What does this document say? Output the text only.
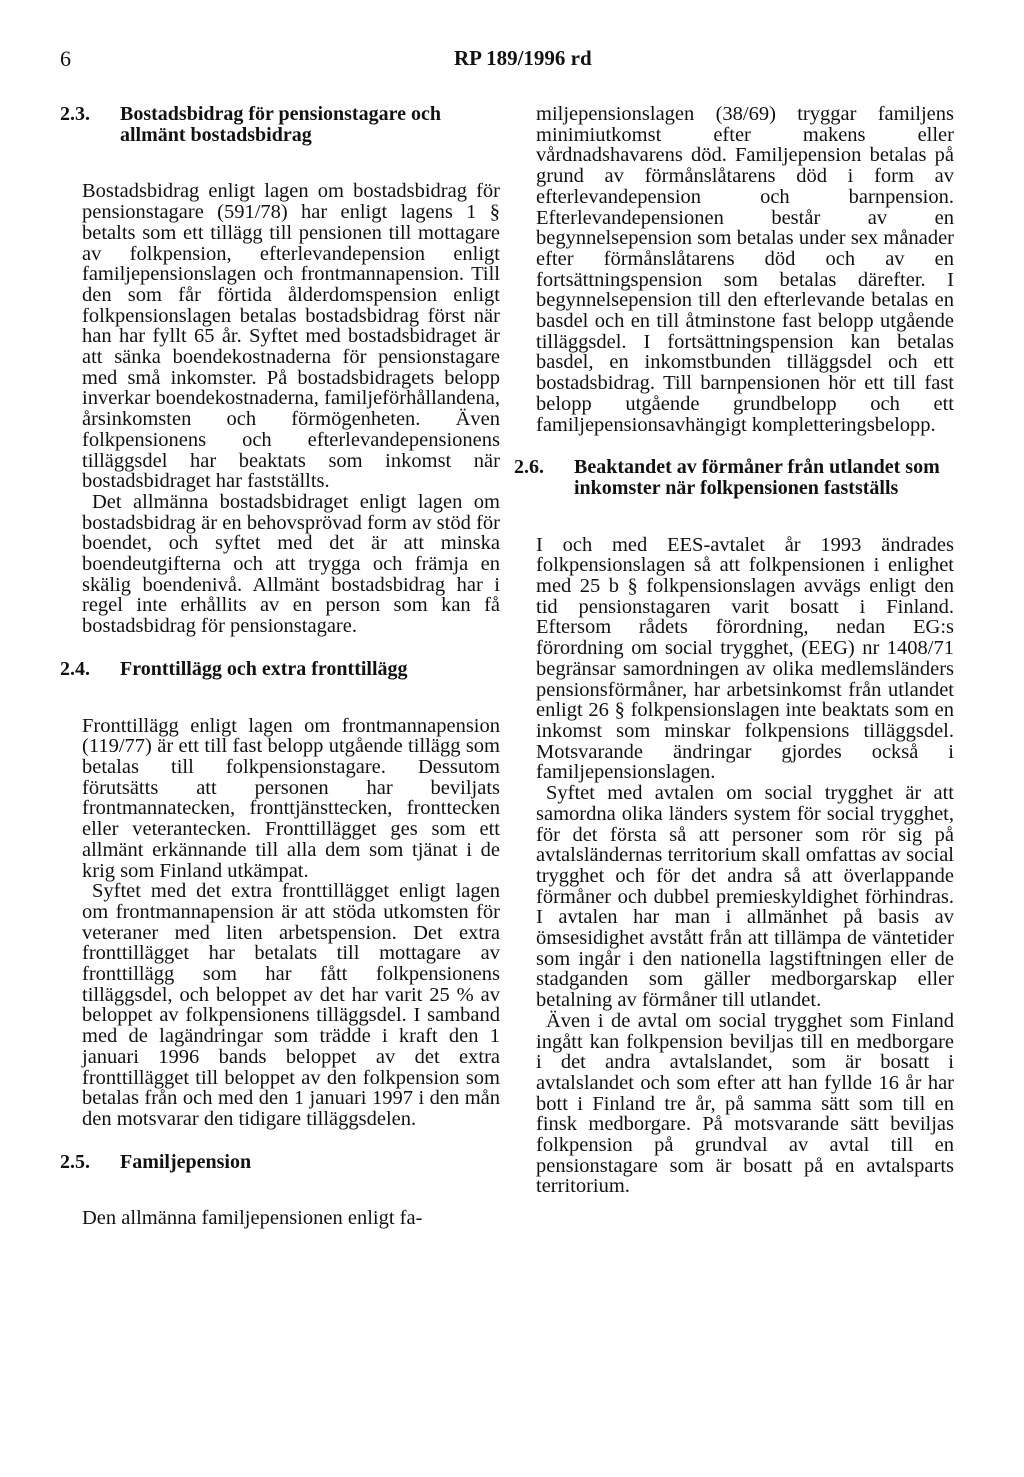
6	RP 189/1996 rd
2.3.	Bostadsbidrag för pensionstagare och allmänt bostadsbidrag

Bostadsbidrag enligt lagen om bostadsbidrag för pensionstagare (591/78) har enligt lagens 1 § betalts som ett tillägg till pensionen till mottagare av folkpension, efterlevandepension enligt familjepensionslagen och frontmannapension. Till den som får förtida ålderdomspension enligt folkpensionslagen betalas bostadsbidrag först när han har fyllt 65 år. Syftet med bostadsbidraget är att sänka boendekostnaderna för pensionstagare med små inkomster. På bostadsbidragets belopp inverkar boendekostnaderna, familjeförhållandena, årsinkomsten och förmögenheten. Även folkpensionens och efterlevandepensionens tilläggsdel har beaktats som inkomst när bostadsbidraget har fastställts.

Det allmänna bostadsbidraget enligt lagen om bostadsbidrag är en behovsprövad form av stöd för boendet, och syftet med det är att minska boendeutgifterna och att trygga och främja en skälig boendenivå. Allmänt bostadsbidrag har i regel inte erhållits av en person som kan få bostadsbidrag för pensionstagare.

2.4.	Fronttillägg och extra fronttillägg

Fronttillägg enligt lagen om frontmannapension (119/77) är ett till fast belopp utgående tillägg som betalas till folkpensionstagare. Dessutom förutsätts att personen har beviljats frontmannatecken, fronttjänsttecken, fronttecken eller veterantecken. Fronttillägget ges som ett allmänt erkännande till alla dem som tjänat i de krig som Finland utkämpat.

Syftet med det extra fronttillägget enligt lagen om frontmannapension är att stöda utkomsten för veteraner med liten arbetspension. Det extra fronttillägget har betalats till mottagare av fronttillägg som har fått folkpensionens tilläggsdel, och beloppet av det har varit 25 % av beloppet av folkpensionens tilläggsdel. I samband med de lagändringar som trädde i kraft den 1 januari 1996 bands beloppet av det extra fronttillägget till beloppet av den folkpension som betalas från och med den 1 januari 1997 i den mån den motsvarar den tidigare tilläggsdelen.

2.5.	Familjepension

Den allmänna familjepensionen enligt fa-

miljepensionslagen (38/69) tryggar familjens minimiutkomst efter makens eller vårdnadshavarens död. Familjepension betalas på grund av förmånslåtarens död i form av efterlevandepension och barnpension. Efterlevandepensionen består av en begynnelsepension som betalas under sex månader efter förmånslåtarens död och av en fortsättningspension som betalas därefter. I begynnelsepension till den efterlevande betalas en basdel och en till åtminstone fast belopp utgående tilläggsdel. I fortsättningspension kan betalas basdel, en inkomstbunden tilläggsdel och ett bostadsbidrag. Till barnpensionen hör ett till fast belopp utgående grundbelopp och ett familjepensionsavhängigt kompletteringsbelopp.

2.6.	Beaktandet av förmåner från utlandet som inkomster när folkpensionen fastställs

I och med EES-avtalet år 1993 ändrades folkpensionslagen så att folkpensionen i enlighet med 25 b § folkpensionslagen avvägs enligt den tid pensionstagaren varit bosatt i Finland. Eftersom rådets förordning, nedan EG:s förordning om social trygghet, (EEG) nr 1408/71 begränsar samordningen av olika medlemsländers pensionsförmåner, har arbetsinkomst från utlandet enligt 26 § folkpensionslagen inte beaktats som en inkomst som minskar folkpensions tilläggsdel. Motsvarande ändringar gjordes också i familjepensionslagen.

Syftet med avtalen om social trygghet är att samordna olika länders system för social trygghet, för det första så att personer som rör sig på avtalsländernas territorium skall omfattas av social trygghet och för det andra så att överlappande förmåner och dubbel premieskyldighet förhindras. I avtalen har man i allmänhet på basis av ömsesidighet avstått från att tillämpa de väntetider som ingår i den nationella lagstiftningen eller de stadganden som gäller medborgarskap eller betalning av förmåner till utlandet.

Även i de avtal om social trygghet som Finland ingått kan folkpension beviljas till en medborgare i det andra avtalslandet, som är bosatt i avtalslandet och som efter att han fyllde 16 år har bott i Finland tre år, på samma sätt som till en finsk medborgare. På motsvarande sätt beviljas folkpension på grundval av avtal till en pensionstagare som är bosatt på en avtalsparts territorium.
